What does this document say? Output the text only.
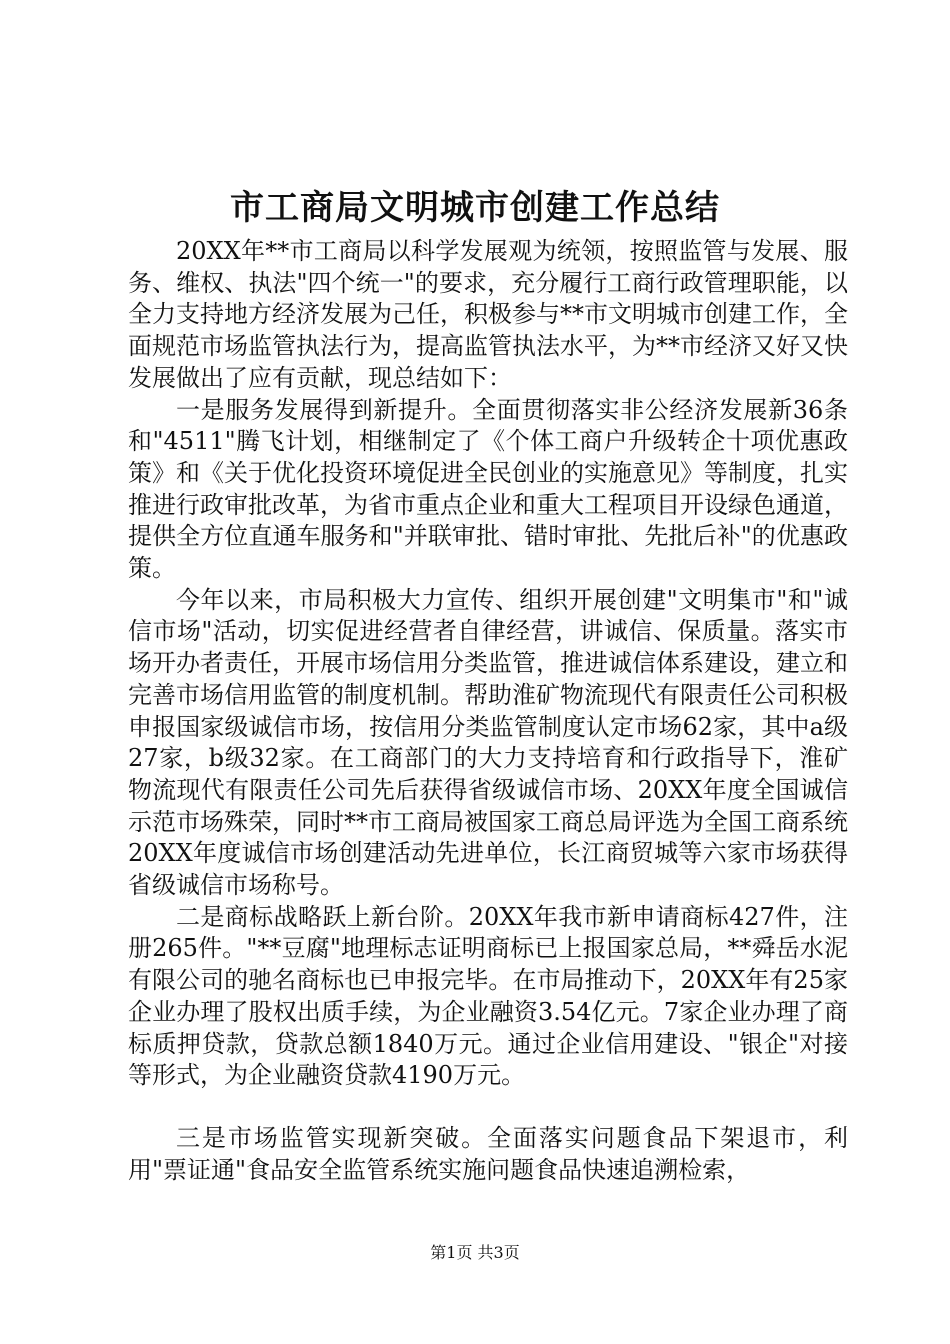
市工商局文明城市创建工作总结

20XX年**市工商局以科学发展观为统领，按照监管与发展、服务、维权、执法"四个统一"的要求，充分履行工商行政管理职能，以全力支持地方经济发展为己任，积极参与**市文明城市创建工作，全面规范市场监管执法行为，提高监管执法水平，为**市经济又好又快发展做出了应有贡献，现总结如下：

一是服务发展得到新提升。全面贯彻落实非公经济发展新36条和"4511"腾飞计划，相继制定了《个体工商户升级转企十项优惠政策》和《关于优化投资环境促进全民创业的实施意见》等制度，扎实推进行政审批改革，为省市重点企业和重大工程项目开设绿色通道，提供全方位直通车服务和"并联审批、错时审批、先批后补"的优惠政策。

今年以来，市局积极大力宣传、组织开展创建"文明集市"和"诚信市场"活动，切实促进经营者自律经营，讲诚信、保质量。落实市场开办者责任，开展市场信用分类监管，推进诚信体系建设，建立和完善市场信用监管的制度机制。帮助淮矿物流现代有限责任公司积极申报国家级诚信市场，按信用分类监管制度认定市场62家，其中a级27家，b级32家。在工商部门的大力支持培育和行政指导下，淮矿物流现代有限责任公司先后获得省级诚信市场、20XX年度全国诚信示范市场殊荣，同时**市工商局被国家工商总局评选为全国工商系统20XX年度诚信市场创建活动先进单位，长江商贸城等六家市场获得省级诚信市场称号。

二是商标战略跃上新台阶。20XX年我市新申请商标427件，注册265件。"**豆腐"地理标志证明商标已上报国家总局，**舜岳水泥有限公司的驰名商标也已申报完毕。在市局推动下，20XX年有25家企业办理了股权出质手续，为企业融资3.54亿元。7家企业办理了商标质押贷款，贷款总额1840万元。通过企业信用建设、"银企"对接等形式，为企业融资贷款4190万元。

三是市场监管实现新突破。全面落实问题食品下架退市，利用"票证通"食品安全监管系统实施问题食品快速追溯检索，

第1页 共3页
